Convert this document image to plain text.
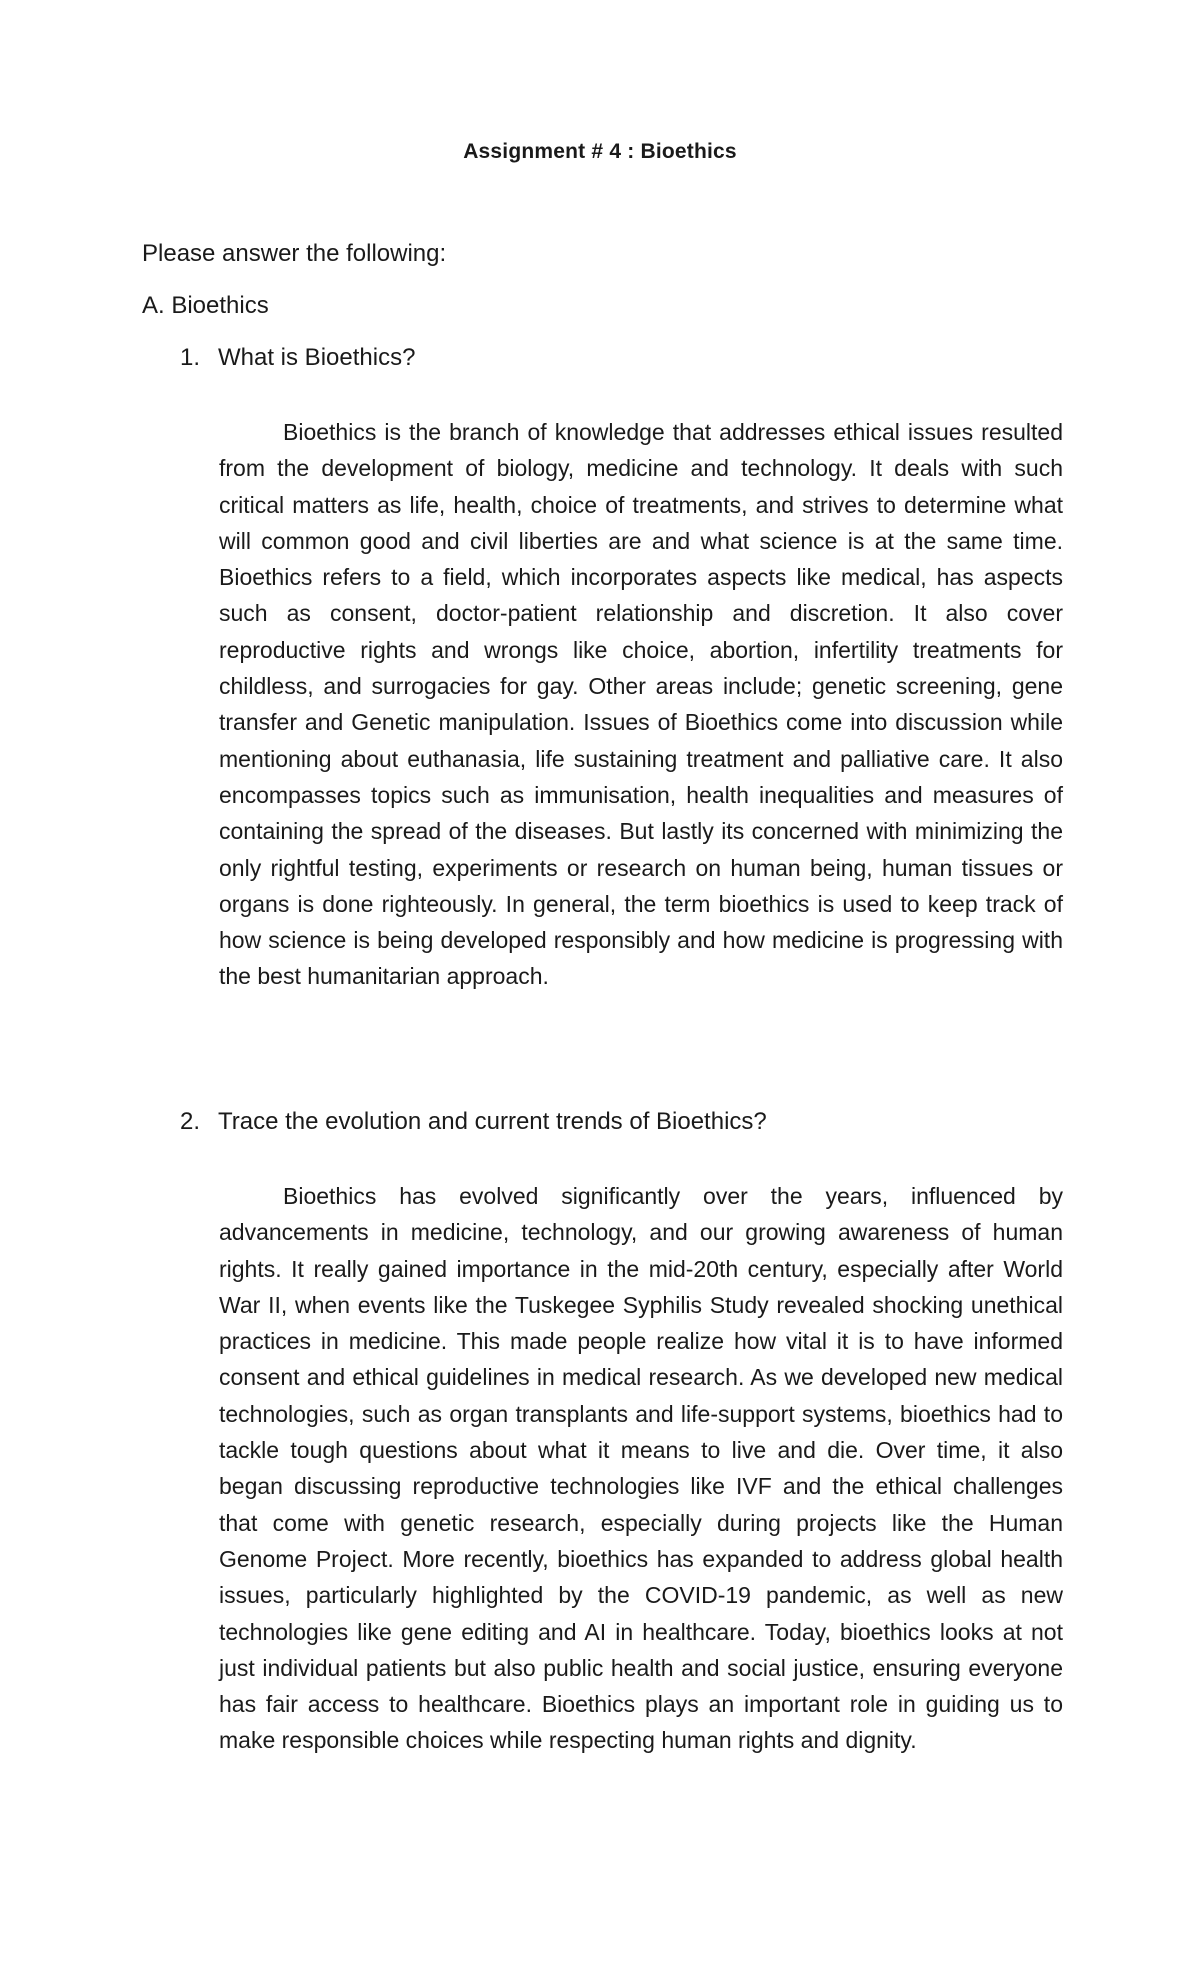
Assignment # 4 : Bioethics
Please answer the following:
A. Bioethics
1. What is Bioethics?

Bioethics is the branch of knowledge that addresses ethical issues resulted from the development of biology, medicine and technology. It deals with such critical matters as life, health, choice of treatments, and strives to determine what will common good and civil liberties are and what science is at the same time. Bioethics refers to a field, which incorporates aspects like medical, has aspects such as consent, doctor-patient relationship and discretion. It also cover reproductive rights and wrongs like choice, abortion, infertility treatments for childless, and surrogacies for gay. Other areas include; genetic screening, gene transfer and Genetic manipulation. Issues of Bioethics come into discussion while mentioning about euthanasia, life sustaining treatment and palliative care. It also encompasses topics such as immunisation, health inequalities and measures of containing the spread of the diseases. But lastly its concerned with minimizing the only rightful testing, experiments or research on human being, human tissues or organs is done righteously. In general, the term bioethics is used to keep track of how science is being developed responsibly and how medicine is progressing with the best humanitarian approach.

2. Trace the evolution and current trends of Bioethics?

Bioethics has evolved significantly over the years, influenced by advancements in medicine, technology, and our growing awareness of human rights. It really gained importance in the mid-20th century, especially after World War II, when events like the Tuskegee Syphilis Study revealed shocking unethical practices in medicine. This made people realize how vital it is to have informed consent and ethical guidelines in medical research. As we developed new medical technologies, such as organ transplants and life-support systems, bioethics had to tackle tough questions about what it means to live and die. Over time, it also began discussing reproductive technologies like IVF and the ethical challenges that come with genetic research, especially during projects like the Human Genome Project. More recently, bioethics has expanded to address global health issues, particularly highlighted by the COVID-19 pandemic, as well as new technologies like gene editing and AI in healthcare. Today, bioethics looks at not just individual patients but also public health and social justice, ensuring everyone has fair access to healthcare. Bioethics plays an important role in guiding us to make responsible choices while respecting human rights and dignity.
